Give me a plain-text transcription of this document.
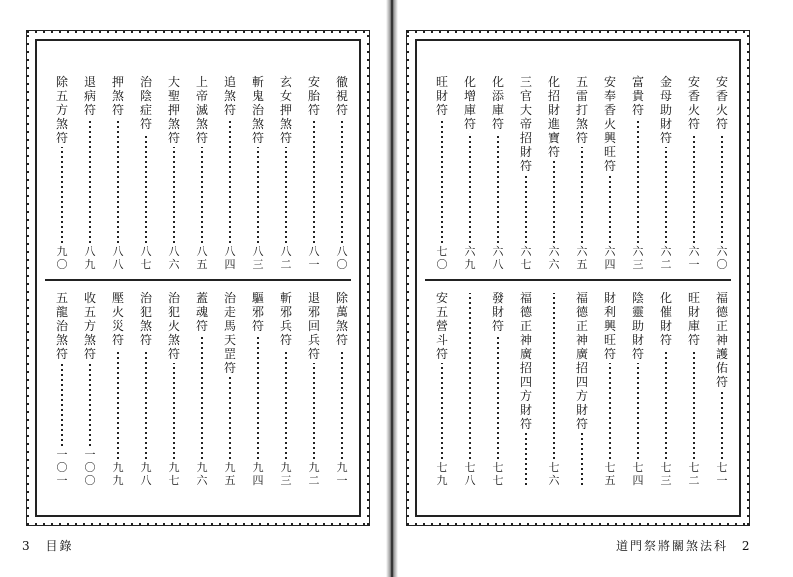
徹
視
符
八
〇
安
胎
符
八
一
玄
女
押
煞
符
八
二
斬
鬼
治
煞
符
八
三
追
煞
符
八
四
上
帝
滅
煞
符
八
五
大
聖
押
煞
符
八
六
治
陰
症
符
八
七
押
煞
符
八
八
退
病
符
八
九
除
五
方
煞
符
九
〇
除
萬
煞
符
九
一
退
邪
回
兵
符
九
二
斬
邪
兵
符
九
三
驅
邪
符
九
四
治
走
馬
天
罡
符
九
五
蓋
魂
符
九
六
治
犯
火
煞
符
九
七
治
犯
煞
符
九
八
壓
火
災
符
九
九
收
五
方
煞
符
一
〇
〇
五
龍
治
煞
符
一
〇
一
3 目錄
安
香
火
符
六
〇
安
香
火
符
六
一
金
母
助
財
符
六
二
富
貴
符
六
三
安
奉
香
火
興
旺
符
六
四
五
雷
打
煞
符
六
五
化
招
財
進
寶
符
六
六
三
官
大
帝
招
財
符
六
七
化
添
庫
符
六
八
化
增
庫
符
六
九
旺
財
符
七
〇
福
德
正
神
護
佑
符
七
一
旺
財
庫
符
七
二
化
催
財
符
七
三
陰
靈
助
財
符
七
四
財
利
興
旺
符
七
五
福
德
正
神
廣
招
四
方
財
符
七
六
福
德
正
神
廣
招
四
方
財
符
發
財
符
七
七
七
八
安
五
營
斗
符
七
九
道門祭將關煞法科 2
